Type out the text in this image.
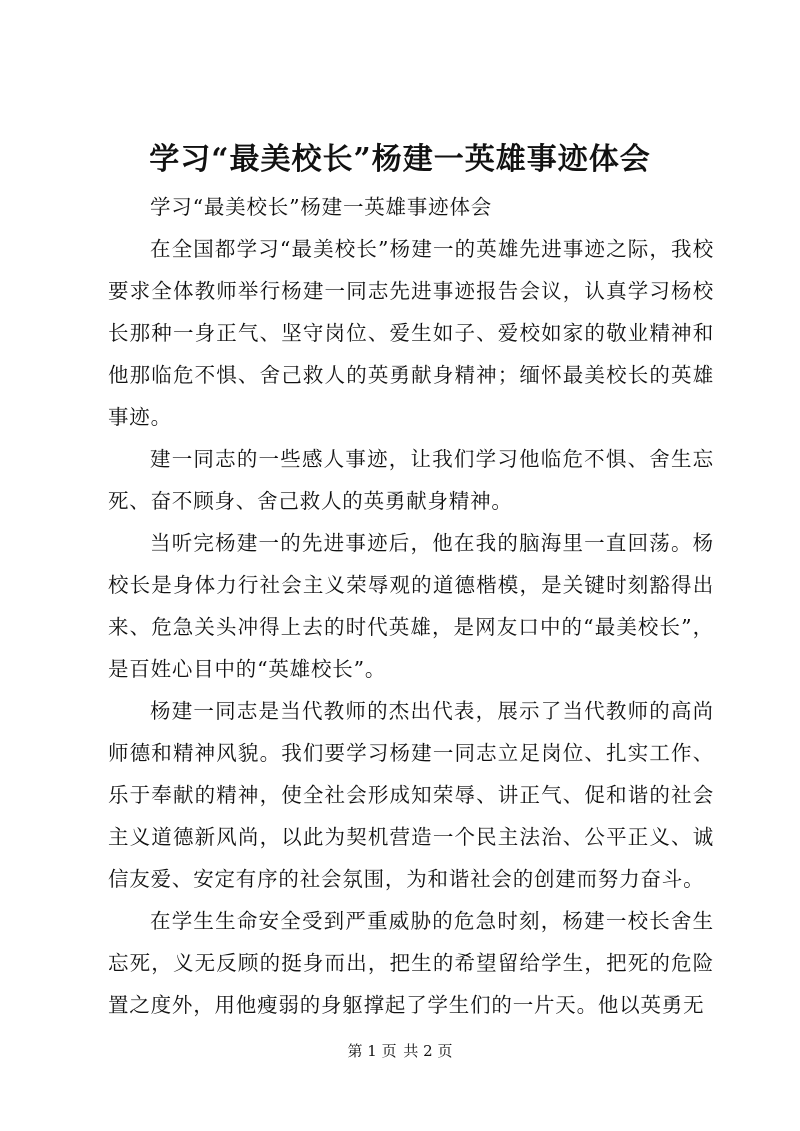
学习“最美校长”杨建一英雄事迹体会

学习“最美校长”杨建一英雄事迹体会

在全国都学习“最美校长”杨建一的英雄先进事迹之际，我校要求全体教师举行杨建一同志先进事迹报告会议，认真学习杨校长那种一身正气、坚守岗位、爱生如子、爱校如家的敬业精神和他那临危不惧、舍己救人的英勇献身精神；缅怀最美校长的英雄事迹。

建一同志的一些感人事迹，让我们学习他临危不惧、舍生忘死、奋不顾身、舍己救人的英勇献身精神。

当听完杨建一的先进事迹后，他在我的脑海里一直回荡。杨校长是身体力行社会主义荣辱观的道德楷模，是关键时刻豁得出来、危急关头冲得上去的时代英雄，是网友口中的“最美校长”，是百姓心目中的“英雄校长”。

杨建一同志是当代教师的杰出代表，展示了当代教师的高尚师德和精神风貌。我们要学习杨建一同志立足岗位、扎实工作、乐于奉献的精神，使全社会形成知荣辱、讲正气、促和谐的社会主义道德新风尚，以此为契机营造一个民主法治、公平正义、诚信友爱、安定有序的社会氛围，为和谐社会的创建而努力奋斗。

在学生生命安全受到严重威胁的危急时刻，杨建一校长舍生忘死，义无反顾的挺身而出，把生的希望留给学生，把死的危险置之度外，用他瘦弱的身躯撑起了学生们的一片天。他以英勇无

第 1 页 共 2 页
